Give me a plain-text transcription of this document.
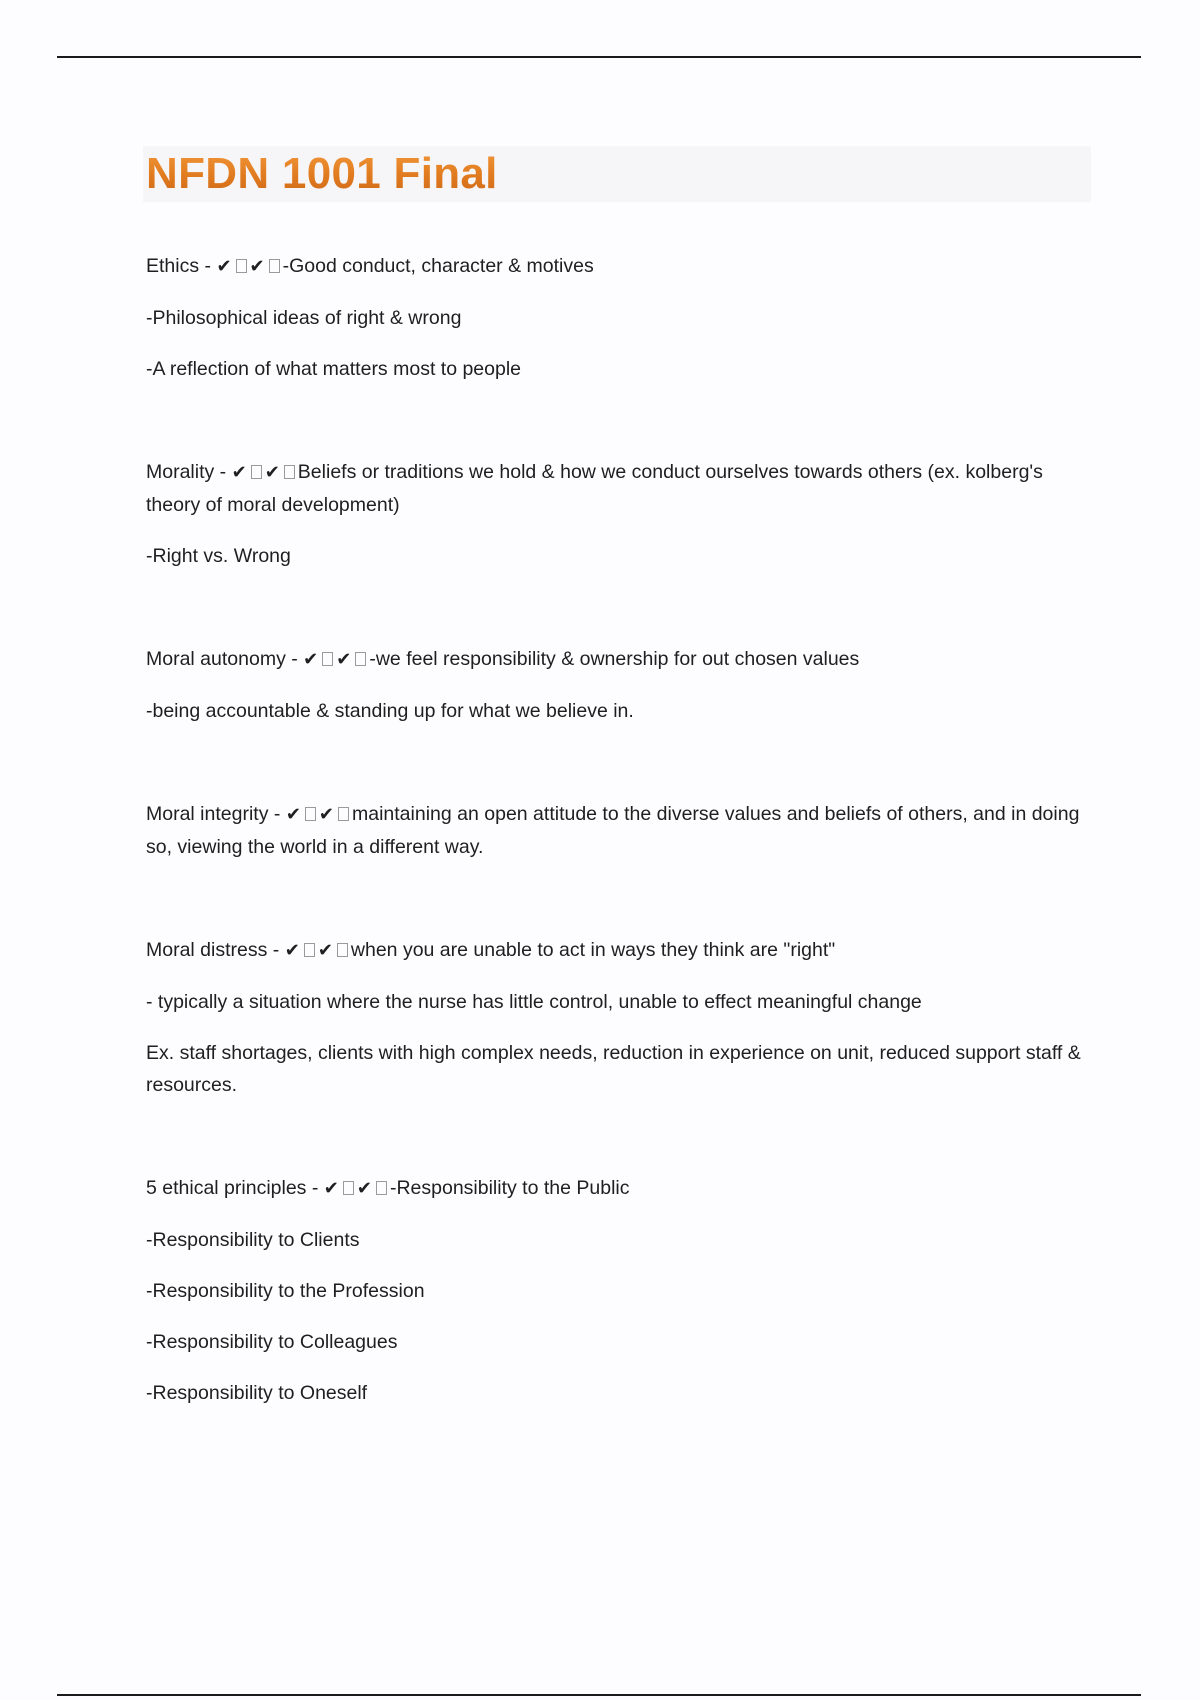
NFDN 1001 Final

Ethics - ✔ ✔ -Good conduct, character & motives

-Philosophical ideas of right & wrong

-A reflection of what matters most to people

Morality - ✔ ✔ Beliefs or traditions we hold & how we conduct ourselves towards others (ex. kolberg's theory of moral development)

-Right vs. Wrong

Moral autonomy - ✔ ✔ -we feel responsibility & ownership for out chosen values

-being accountable & standing up for what we believe in.

Moral integrity - ✔ ✔ maintaining an open attitude to the diverse values and beliefs of others, and in doing so, viewing the world in a different way.

Moral distress - ✔ ✔ when you are unable to act in ways they think are "right"

- typically a situation where the nurse has little control, unable to effect meaningful change

Ex. staff shortages, clients with high complex needs, reduction in experience on unit, reduced support staff & resources.

5 ethical principles - ✔ ✔ -Responsibility to the Public

-Responsibility to Clients

-Responsibility to the Profession

-Responsibility to Colleagues

-Responsibility to Oneself
